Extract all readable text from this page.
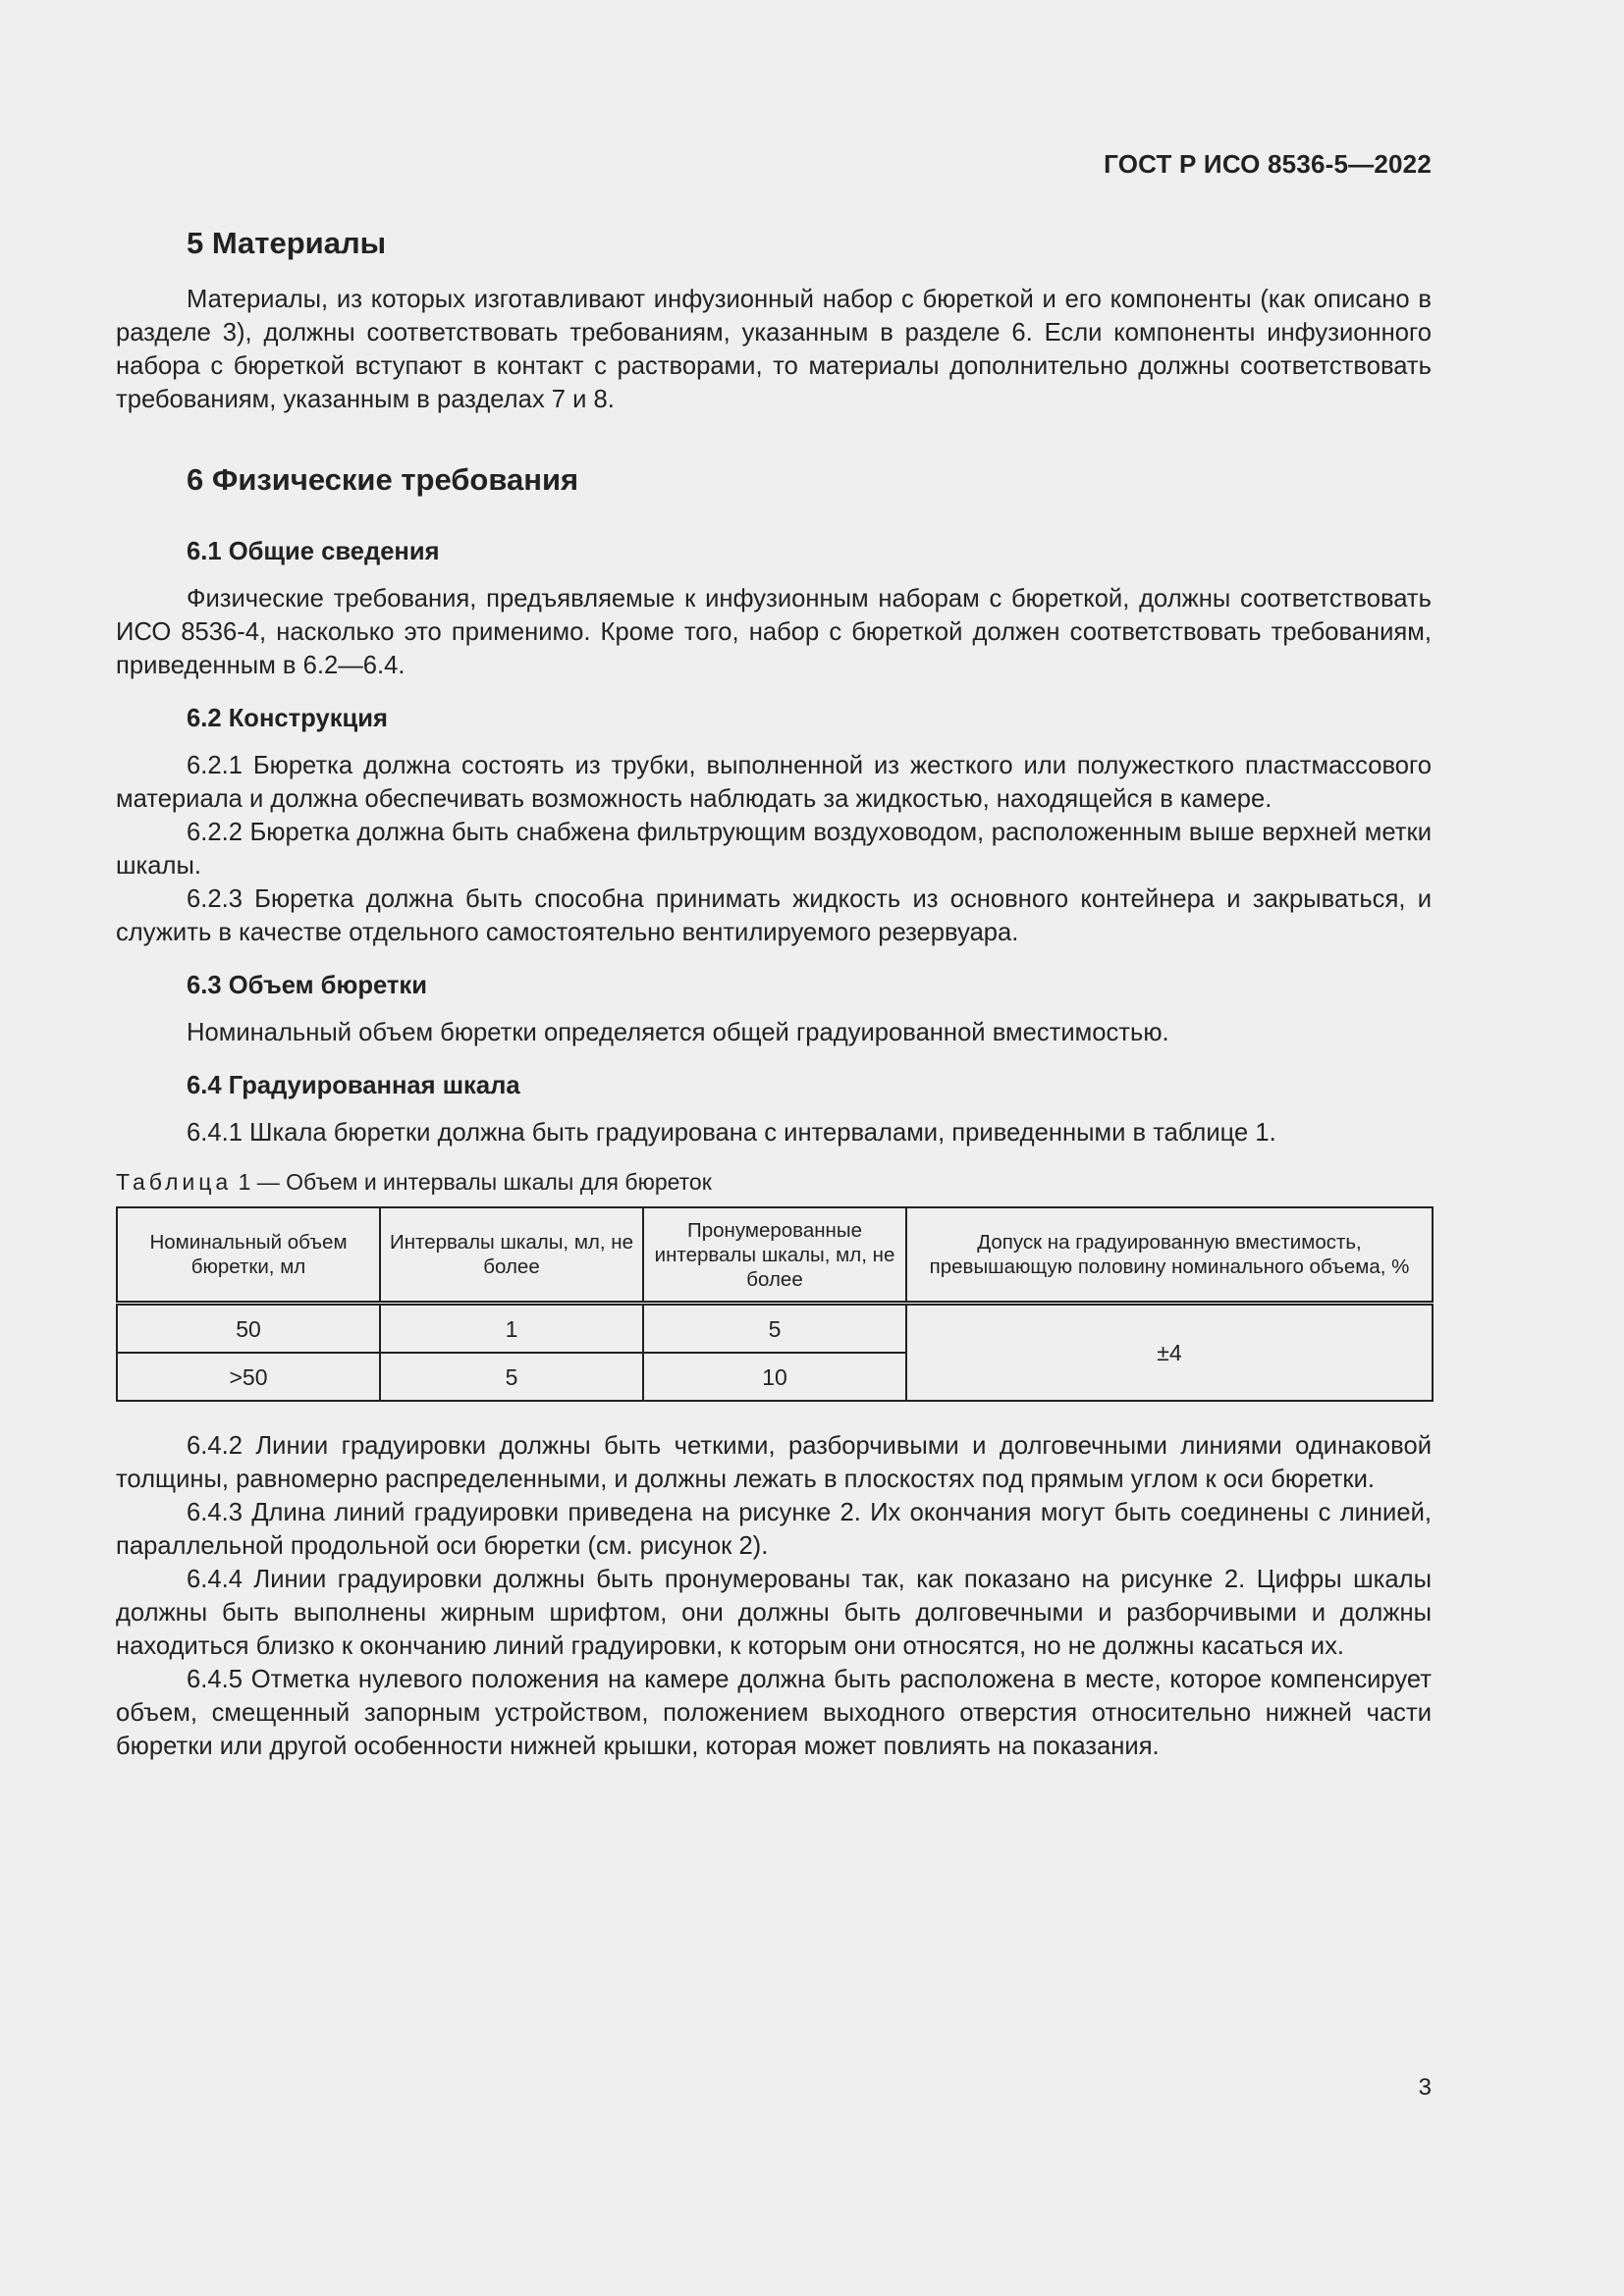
ГОСТ Р ИСО 8536-5—2022
5 Материалы

Материалы, из которых изготавливают инфузионный набор с бюреткой и его компоненты (как описано в разделе 3), должны соответствовать требованиям, указанным в разделе 6. Если компоненты инфузионного набора с бюреткой вступают в контакт с растворами, то материалы дополнительно должны соответствовать требованиям, указанным в разделах 7 и 8.

6 Физические требования
6.1 Общие сведения

Физические требования, предъявляемые к инфузионным наборам с бюреткой, должны соответствовать ИСО 8536-4, насколько это применимо. Кроме того, набор с бюреткой должен соответствовать требованиям, приведенным в 6.2—6.4.

6.2 Конструкция

6.2.1 Бюретка должна состоять из трубки, выполненной из жесткого или полужесткого пластмассового материала и должна обеспечивать возможность наблюдать за жидкостью, находящейся в камере.

6.2.2 Бюретка должна быть снабжена фильтрующим воздуховодом, расположенным выше верхней метки шкалы.

6.2.3 Бюретка должна быть способна принимать жидкость из основного контейнера и закрываться, и служить в качестве отдельного самостоятельно вентилируемого резервуара.

6.3 Объем бюретки

Номинальный объем бюретки определяется общей градуированной вместимостью.

6.4 Градуированная шкала

6.4.1 Шкала бюретки должна быть градуирована с интервалами, приведенными в таблице 1.

Таблица 1 — Объем и интервалы шкалы для бюреток
Номинальный объем бюретки, мл	Интервалы шкалы, мл, не более	Пронумерованные интервалы шкалы, мл, не более	Допуск на градуированную вместимость, превышающую половину номинального объема, %
50	1	5	±4
>50	5	10	

6.4.2 Линии градуировки должны быть четкими, разборчивыми и долговечными линиями одинаковой толщины, равномерно распределенными, и должны лежать в плоскостях под прямым углом к оси бюретки.

6.4.3 Длина линий градуировки приведена на рисунке 2. Их окончания могут быть соединены с линией, параллельной продольной оси бюретки (см. рисунок 2).

6.4.4 Линии градуировки должны быть пронумерованы так, как показано на рисунке 2. Цифры шкалы должны быть выполнены жирным шрифтом, они должны быть долговечными и разборчивыми и должны находиться близко к окончанию линий градуировки, к которым они относятся, но не должны касаться их.

6.4.5 Отметка нулевого положения на камере должна быть расположена в месте, которое компенсирует объем, смещенный запорным устройством, положением выходного отверстия относительно нижней части бюретки или другой особенности нижней крышки, которая может повлиять на показания.

3
